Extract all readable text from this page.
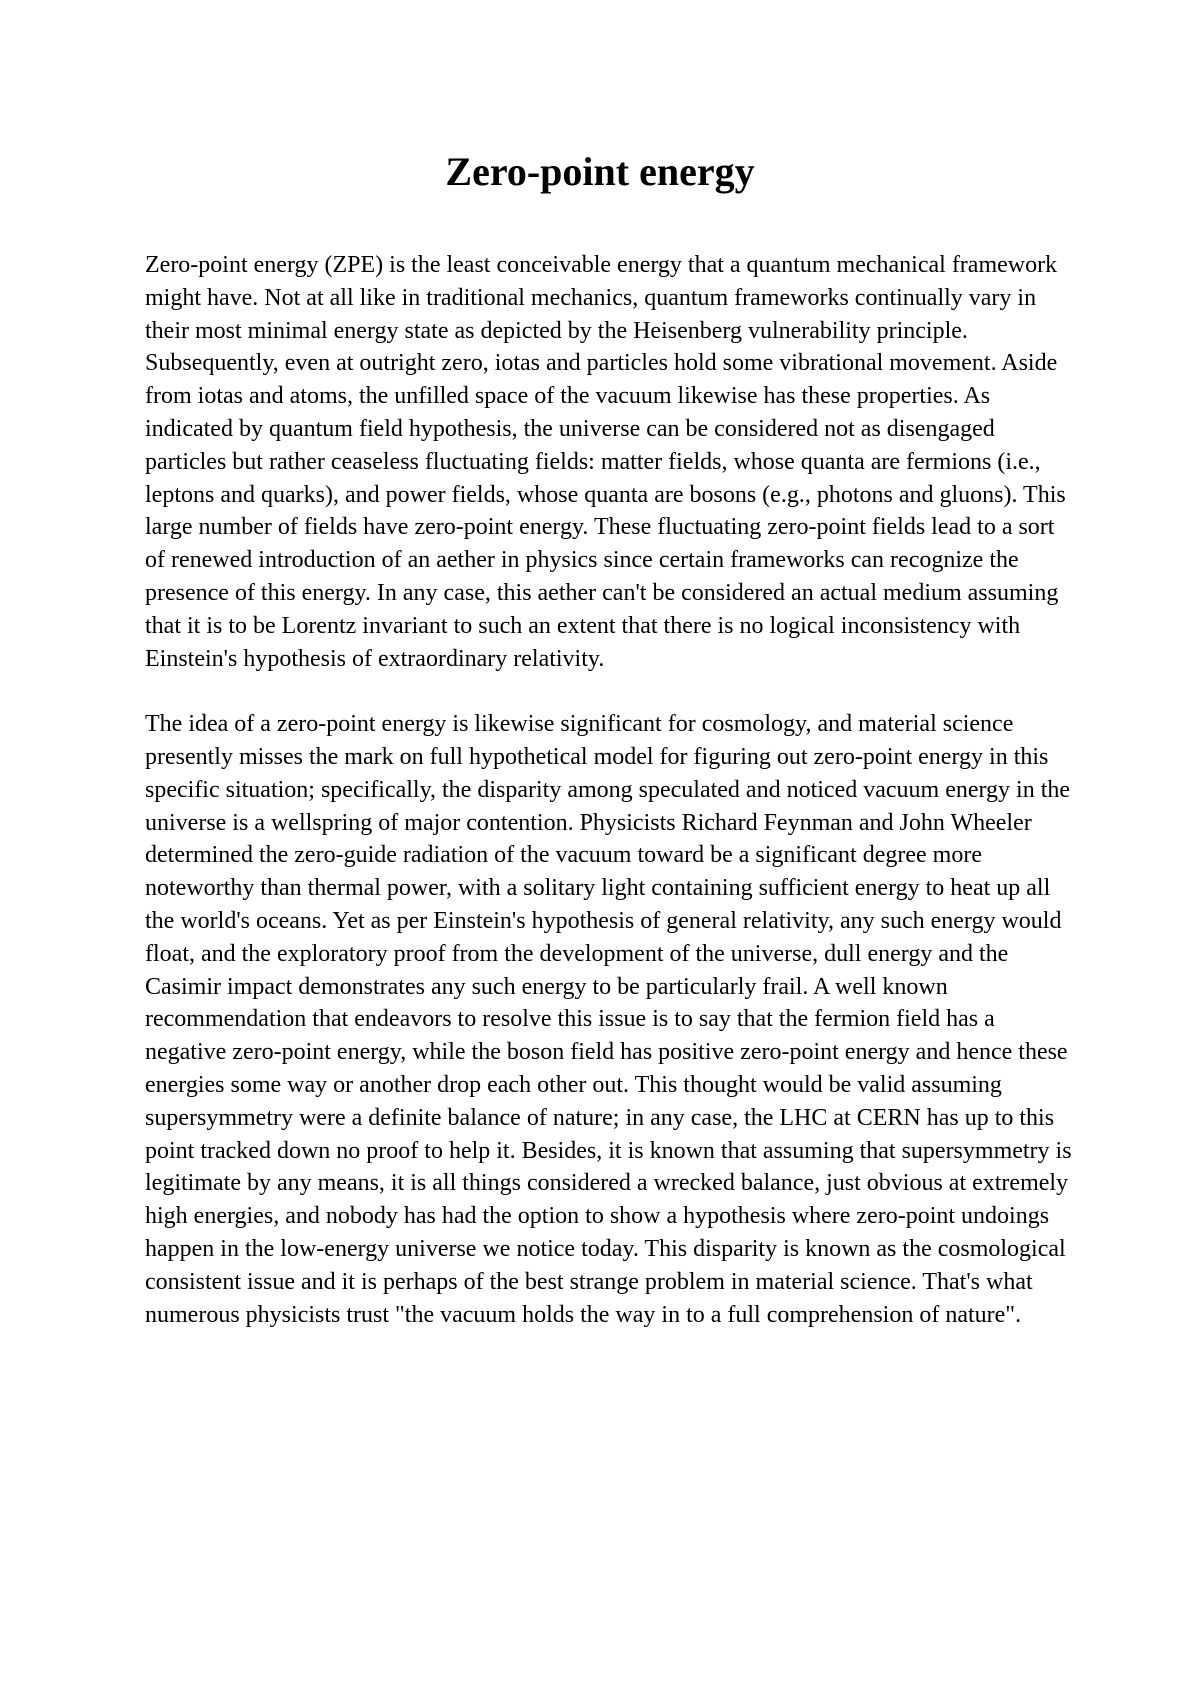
Zero-point energy

Zero-point energy (ZPE) is the least conceivable energy that a quantum mechanical framework might have. Not at all like in traditional mechanics, quantum frameworks continually vary in their most minimal energy state as depicted by the Heisenberg vulnerability principle. Subsequently, even at outright zero, iotas and particles hold some vibrational movement. Aside from iotas and atoms, the unfilled space of the vacuum likewise has these properties. As indicated by quantum field hypothesis, the universe can be considered not as disengaged particles but rather ceaseless fluctuating fields: matter fields, whose quanta are fermions (i.e., leptons and quarks), and power fields, whose quanta are bosons (e.g., photons and gluons). This large number of fields have zero-point energy. These fluctuating zero-point fields lead to a sort of renewed introduction of an aether in physics since certain frameworks can recognize the presence of this energy. In any case, this aether can't be considered an actual medium assuming that it is to be Lorentz invariant to such an extent that there is no logical inconsistency with Einstein's hypothesis of extraordinary relativity.

The idea of a zero-point energy is likewise significant for cosmology, and material science presently misses the mark on full hypothetical model for figuring out zero-point energy in this specific situation; specifically, the disparity among speculated and noticed vacuum energy in the universe is a wellspring of major contention. Physicists Richard Feynman and John Wheeler determined the zero-guide radiation of the vacuum toward be a significant degree more noteworthy than thermal power, with a solitary light containing sufficient energy to heat up all the world's oceans. Yet as per Einstein's hypothesis of general relativity, any such energy would float, and the exploratory proof from the development of the universe, dull energy and the Casimir impact demonstrates any such energy to be particularly frail. A well known recommendation that endeavors to resolve this issue is to say that the fermion field has a negative zero-point energy, while the boson field has positive zero-point energy and hence these energies some way or another drop each other out. This thought would be valid assuming supersymmetry were a definite balance of nature; in any case, the LHC at CERN has up to this point tracked down no proof to help it. Besides, it is known that assuming that supersymmetry is legitimate by any means, it is all things considered a wrecked balance, just obvious at extremely high energies, and nobody has had the option to show a hypothesis where zero-point undoings happen in the low-energy universe we notice today. This disparity is known as the cosmological consistent issue and it is perhaps of the best strange problem in material science. That's what numerous physicists trust "the vacuum holds the way in to a full comprehension of nature".
